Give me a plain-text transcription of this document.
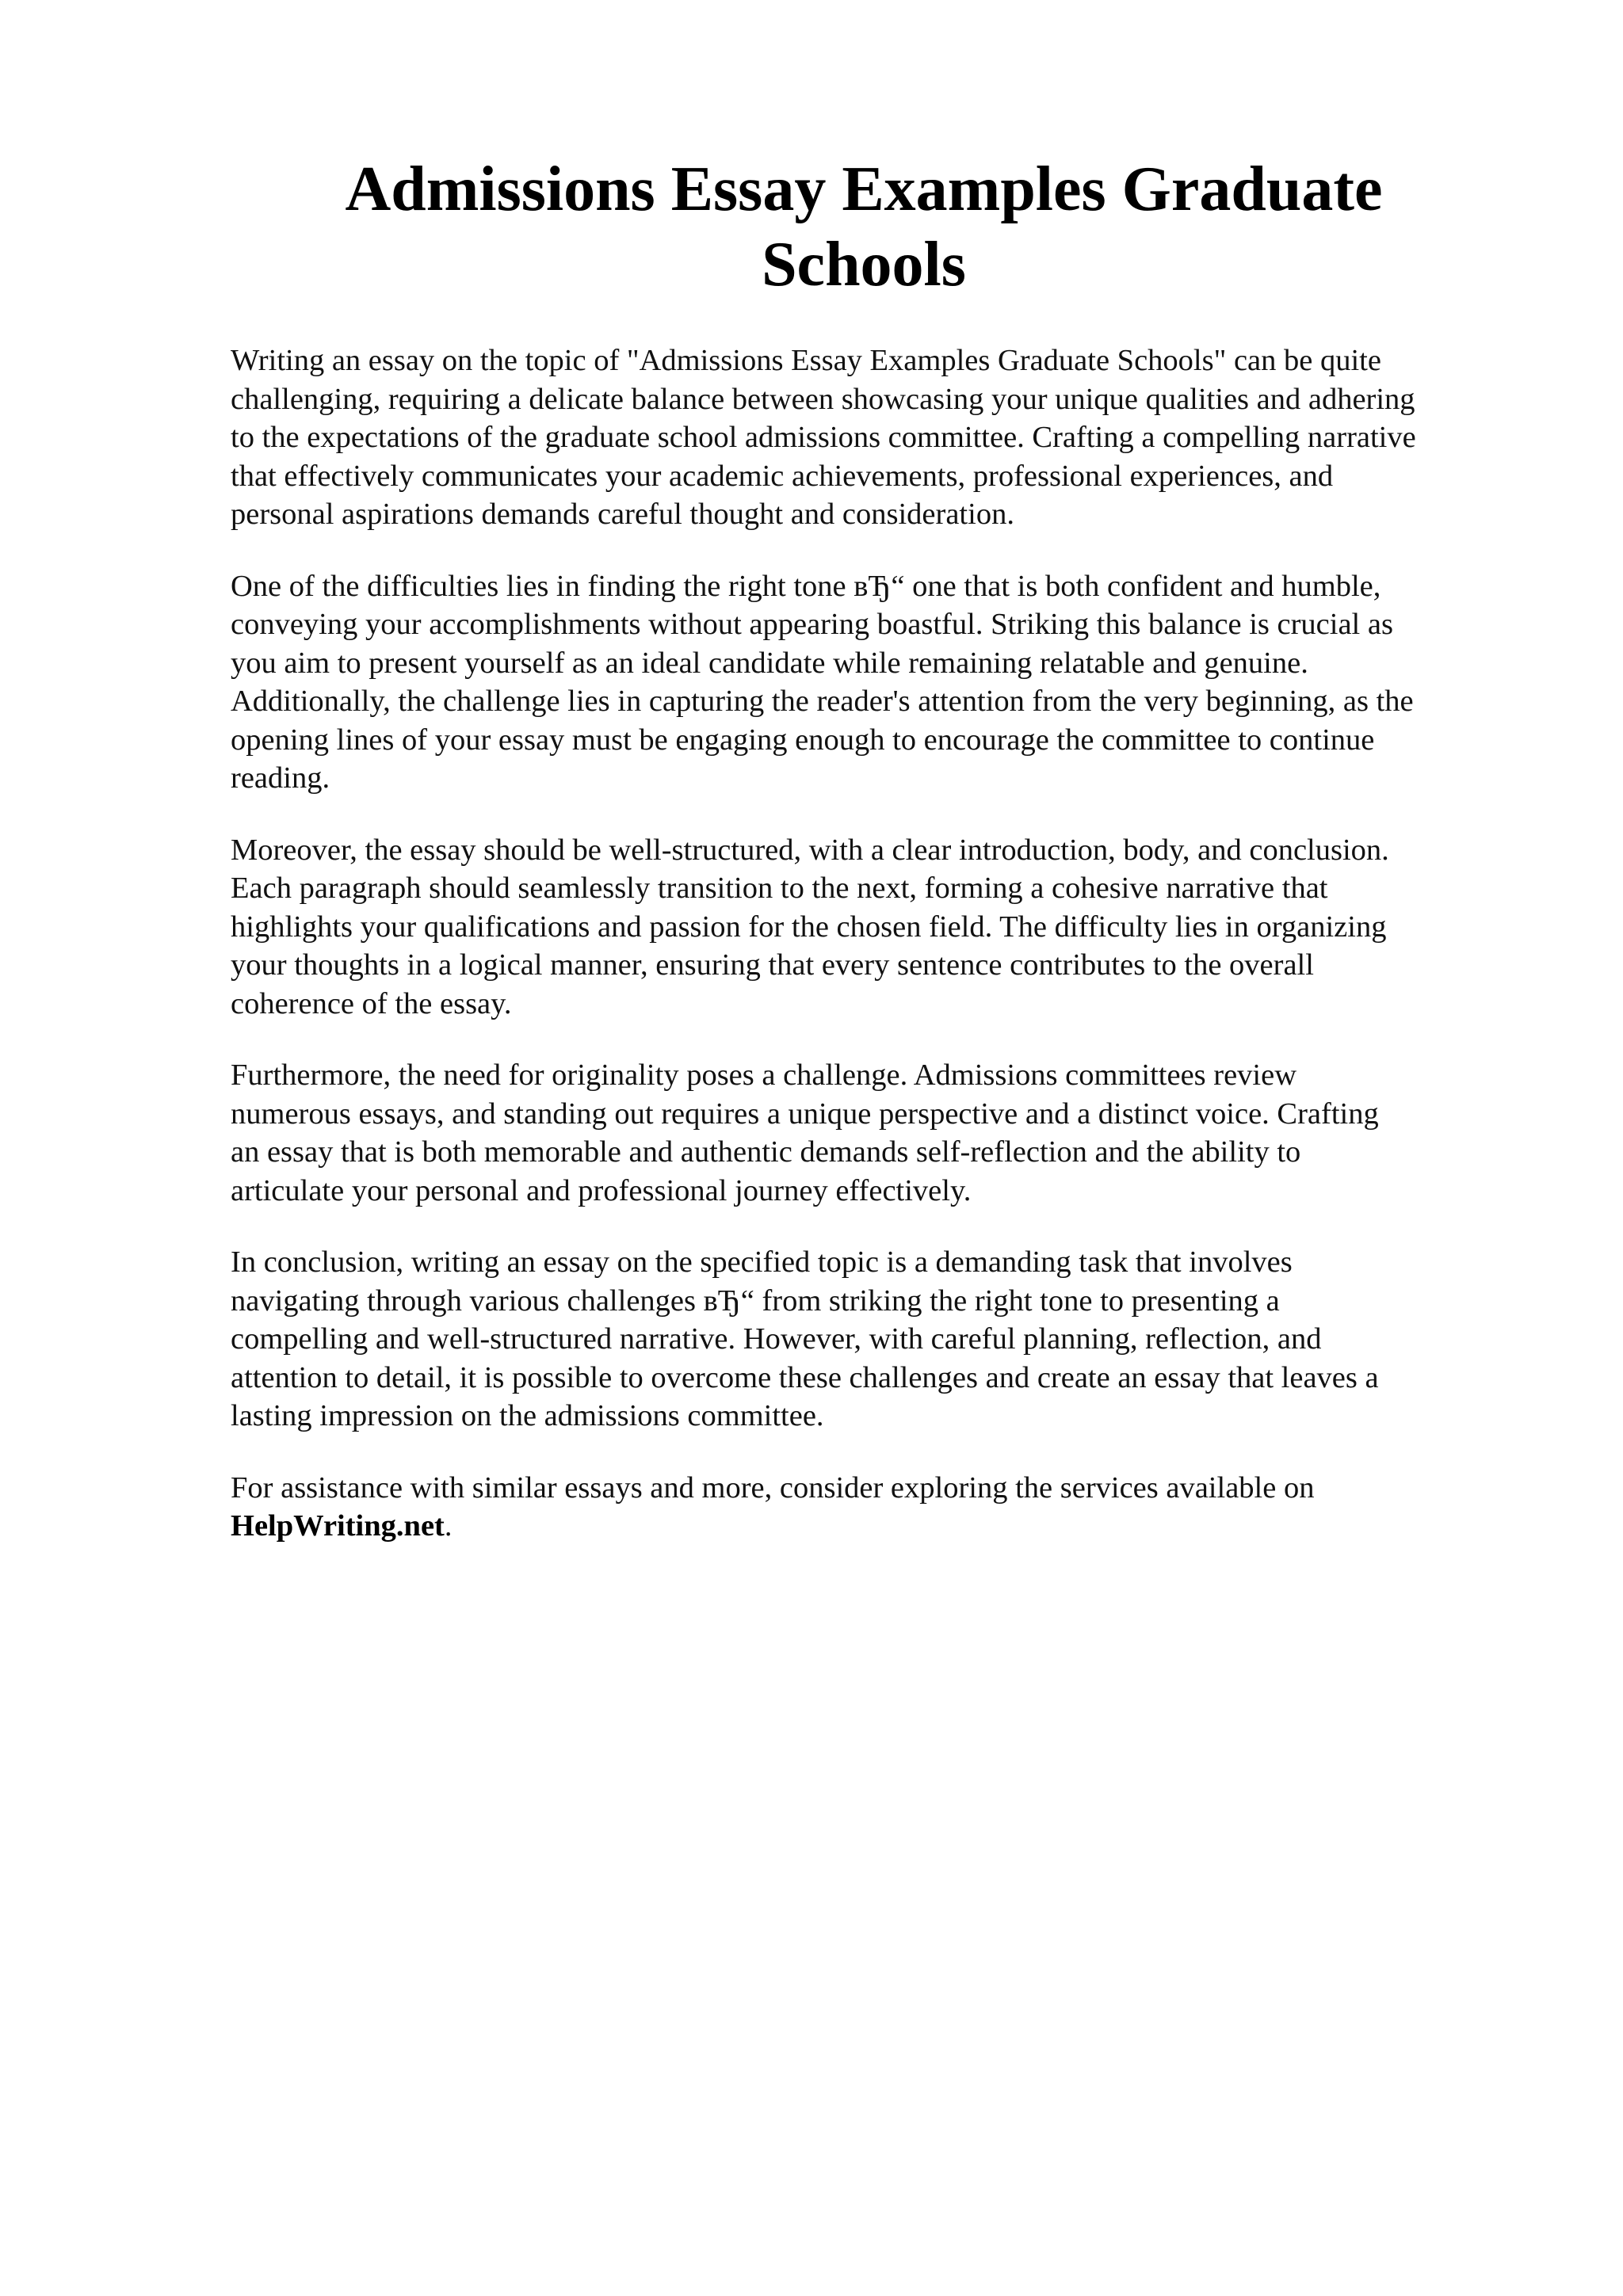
Admissions Essay Examples Graduate
Schools

Writing an essay on the topic of "Admissions Essay Examples Graduate Schools" can be quite
challenging, requiring a delicate balance between showcasing your unique qualities and adhering
to the expectations of the graduate school admissions committee. Crafting a compelling narrative
that effectively communicates your academic achievements, professional experiences, and
personal aspirations demands careful thought and consideration.

One of the difficulties lies in finding the right tone вЂ“ one that is both confident and humble,
conveying your accomplishments without appearing boastful. Striking this balance is crucial as
you aim to present yourself as an ideal candidate while remaining relatable and genuine.
Additionally, the challenge lies in capturing the reader's attention from the very beginning, as the
opening lines of your essay must be engaging enough to encourage the committee to continue
reading.

Moreover, the essay should be well-structured, with a clear introduction, body, and conclusion.
Each paragraph should seamlessly transition to the next, forming a cohesive narrative that
highlights your qualifications and passion for the chosen field. The difficulty lies in organizing
your thoughts in a logical manner, ensuring that every sentence contributes to the overall
coherence of the essay.

Furthermore, the need for originality poses a challenge. Admissions committees review
numerous essays, and standing out requires a unique perspective and a distinct voice. Crafting
an essay that is both memorable and authentic demands self-reflection and the ability to
articulate your personal and professional journey effectively.

In conclusion, writing an essay on the specified topic is a demanding task that involves
navigating through various challenges вЂ“ from striking the right tone to presenting a
compelling and well-structured narrative. However, with careful planning, reflection, and
attention to detail, it is possible to overcome these challenges and create an essay that leaves a
lasting impression on the admissions committee.

For assistance with similar essays and more, consider exploring the services available on
HelpWriting.net.
